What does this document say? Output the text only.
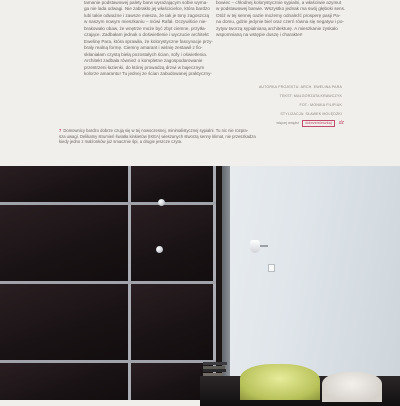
tamanie podstawowej palety barw wyrażającym sobie wyma-

ga nie lada odwagi. Nie zabrakło jej właścicielce, która bardzo

lubi takie odważne i zawsze miesza, że tak je tony zagoszczą

w naszym nowym mieszkaniu – mówi Rafał. Oczywiście nie-

brakowało obaw, że wnętrze może być zbyt ciemne, przytła-

czające. Zadbałam jednak o doświetlenie i wyczucie architekt

Ewelinę Para, która sprawiła, że kolorystyczne fascynacje przy-

brały realną formę. Ciemny amarant i wiśnię zestawił z fio-

skłaniałam czystą bielą pozostałych ścian, sofy i oświetlenia.

Architekt zadbała również o kompletne zagospodarowanie

przestrzeni łazienki, do której prowadzą drzwi w bajecznym

kolorze amarantu! Tu jednej ze ścian zabudowanej praktyczny-

bowiec – chłodnej kolorystycznie sypialni, a właściwie azymut

w podstawowej barwie. Wszystko jednak ma swój głęboki sens.

Otóż w tej sennej oazie możemy odnaleźć prosperę pasji Pa-

na domu, gdzie jedynie biel oraz czerń równa się negatyw i po-

zytyw tworzą sypialnianą architekturę. A mieszkanie zyskało

wspomnianą na wstępie duszę i charakter!

AUTORKA PROJEKTU: ARCH. EWELINA PARA

TEKST: MAŁGORZATA KRAWCZYK

FOT.: MONIKA FILIPIUK

STYLIZACJA: SŁAWEK MOLĘDZKI

więcej wnętrz dobrzemieszkaj dz

7 Domownicy bardzo dobrze czują się w tej nowoczesnej, minimalistycznej sypialni. Tu nic nie rozpra-

sza uwagi. Delikatny strumień światła kinkietów (IKEA) wieszanych stworzą senny klimat, nie przeszkadza

kiedy jedno z małżonków już smacznie śpi, a drugie jeszcze czyta.
